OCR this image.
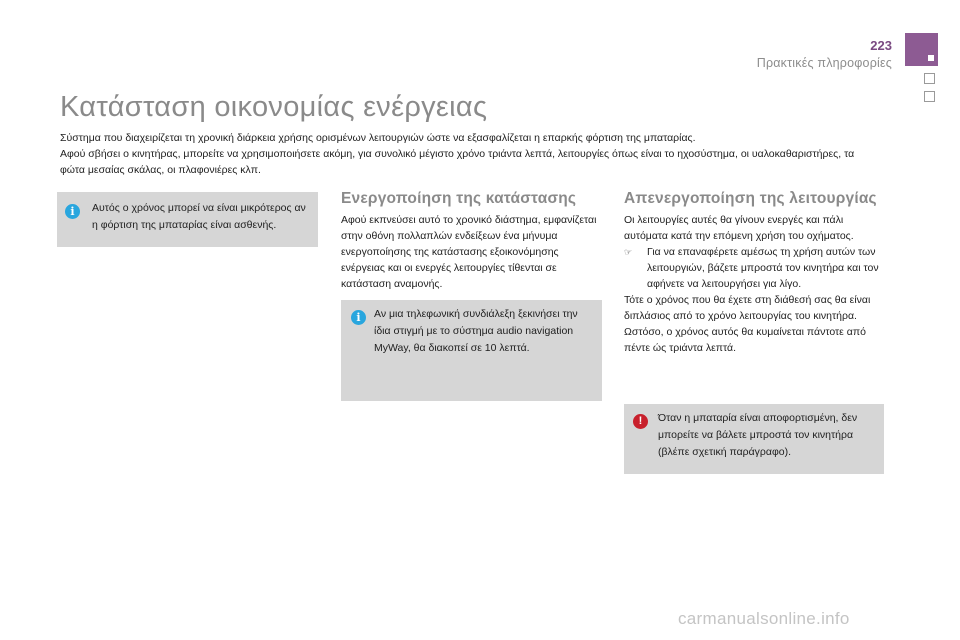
223
Πρακτικές πληροφορίες
Κατάσταση οικονομίας ενέργειας

Σύστημα που διαχειρίζεται τη χρονική διάρκεια χρήσης ορισμένων λειτουργιών ώστε να εξασφαλίζεται η επαρκής φόρτιση της μπαταρίας.

Αφού σβήσει ο κινητήρας, μπορείτε να χρησιμοποιήσετε ακόμη, για συνολικό μέγιστο χρόνο τριάντα λεπτά, λειτουργίες όπως είναι το ηχοσύστημα, οι υαλοκαθαριστήρες, τα φώτα μεσαίας σκάλας, οι πλαφονιέρες κλπ.

i	Αυτός ο χρόνος μπορεί να είναι μικρότερος αν η φόρτιση της μπαταρίας είναι ασθενής.
Ενεργοποίηση της κατάστασης

Αφού εκπνεύσει αυτό το χρονικό διάστημα, εμφανίζεται στην οθόνη πολλαπλών ενδείξεων ένα μήνυμα ενεργοποίησης της κατάστασης εξοικονόμησης ενέργειας και οι ενεργές λειτουργίες τίθενται σε κατάσταση αναμονής.

i	Αν μια τηλεφωνική συνδιάλεξη ξεκινήσει την ίδια στιγμή με το σύστημα audio navigation MyWay, θα διακοπεί σε 10 λεπτά.
Απενεργοποίηση της λειτουργίας

Οι λειτουργίες αυτές θα γίνουν ενεργές και πάλι αυτόματα κατά την επόμενη χρήση του οχήματος.

☞	Για να επαναφέρετε αμέσως τη χρήση αυτών των λειτουργιών, βάζετε μπροστά τον κινητήρα και τον αφήνετε να λειτουργήσει για λίγο.

Τότε ο χρόνος που θα έχετε στη διάθεσή σας θα είναι διπλάσιος από το χρόνο λειτουργίας του κινητήρα. Ωστόσο, ο χρόνος αυτός θα κυμαίνεται πάντοτε από πέντε ώς τριάντα λεπτά.

!	Όταν η μπαταρία είναι αποφορτισμένη, δεν μπορείτε να βάλετε μπροστά τον κινητήρα (βλέπε σχετική παράγραφο).
carmanualsonline.info
